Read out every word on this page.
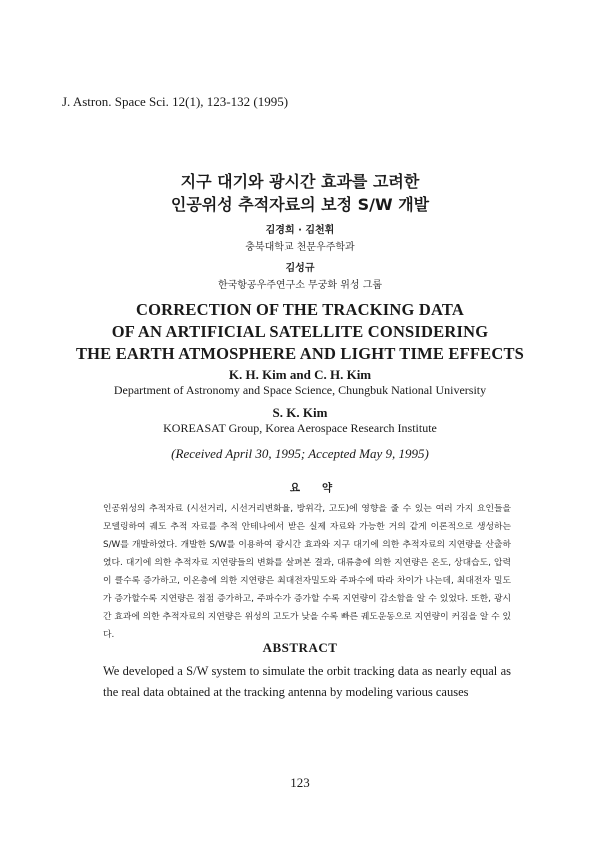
J. Astron. Space Sci. 12(1), 123-132 (1995)
지구 대기와 광시간 효과를 고려한
인공위성 추적자료의 보정 S/W 개발
김경희 · 김천휘
충북대학교 천문우주학과
김성규
한국항공우주연구소 무궁화 위성 그룹
CORRECTION OF THE TRACKING DATA
OF AN ARTIFICIAL SATELLITE CONSIDERING
THE EARTH ATMOSPHERE AND LIGHT TIME EFFECTS
K. H. Kim and C. H. Kim
Department of Astronomy and Space Science, Chungbuk National University
S. K. Kim
KOREASAT Group, Korea Aerospace Research Institute
(Received April 30, 1995; Accepted May 9, 1995)
요약
인공위성의 추적자료 (시선거리, 시선거리변화율, 방위각, 고도)에 영향을 줄 수 있는 여러 가지 요인들을 모델링하여 궤도 추적 자료를 추적 안테나에서 받은 실제 자료와 가능한 거의 같게 이론적으로 생성하는 S/W를 개발하였다. 개발한 S/W를 이용하여 광시간 효과와 지구 대기에 의한 추적자료의 지연량을 산출하였다. 대기에 의한 추적자료 지연량들의 변화를 살펴본 결과, 대류층에 의한 지연량은 온도, 상대습도, 압력이 클수록 증가하고, 이온층에 의한 지연량은 최대전자밀도와 주파수에 따라 차이가 나는데, 최대전자 밀도가 증가할수록 지연량은 점점 증가하고, 주파수가 증가할 수록 지연량이 감소함을 알 수 있었다. 또한, 광시간 효과에 의한 추적자료의 지연량은 위성의 고도가 낮을 수록 빠른 궤도운동으로 지연량이 커짐을 알 수 있다.
ABSTRACT
We developed a S/W system to simulate the orbit tracking data as nearly equal as the real data obtained at the tracking antenna by modeling various causes
123
